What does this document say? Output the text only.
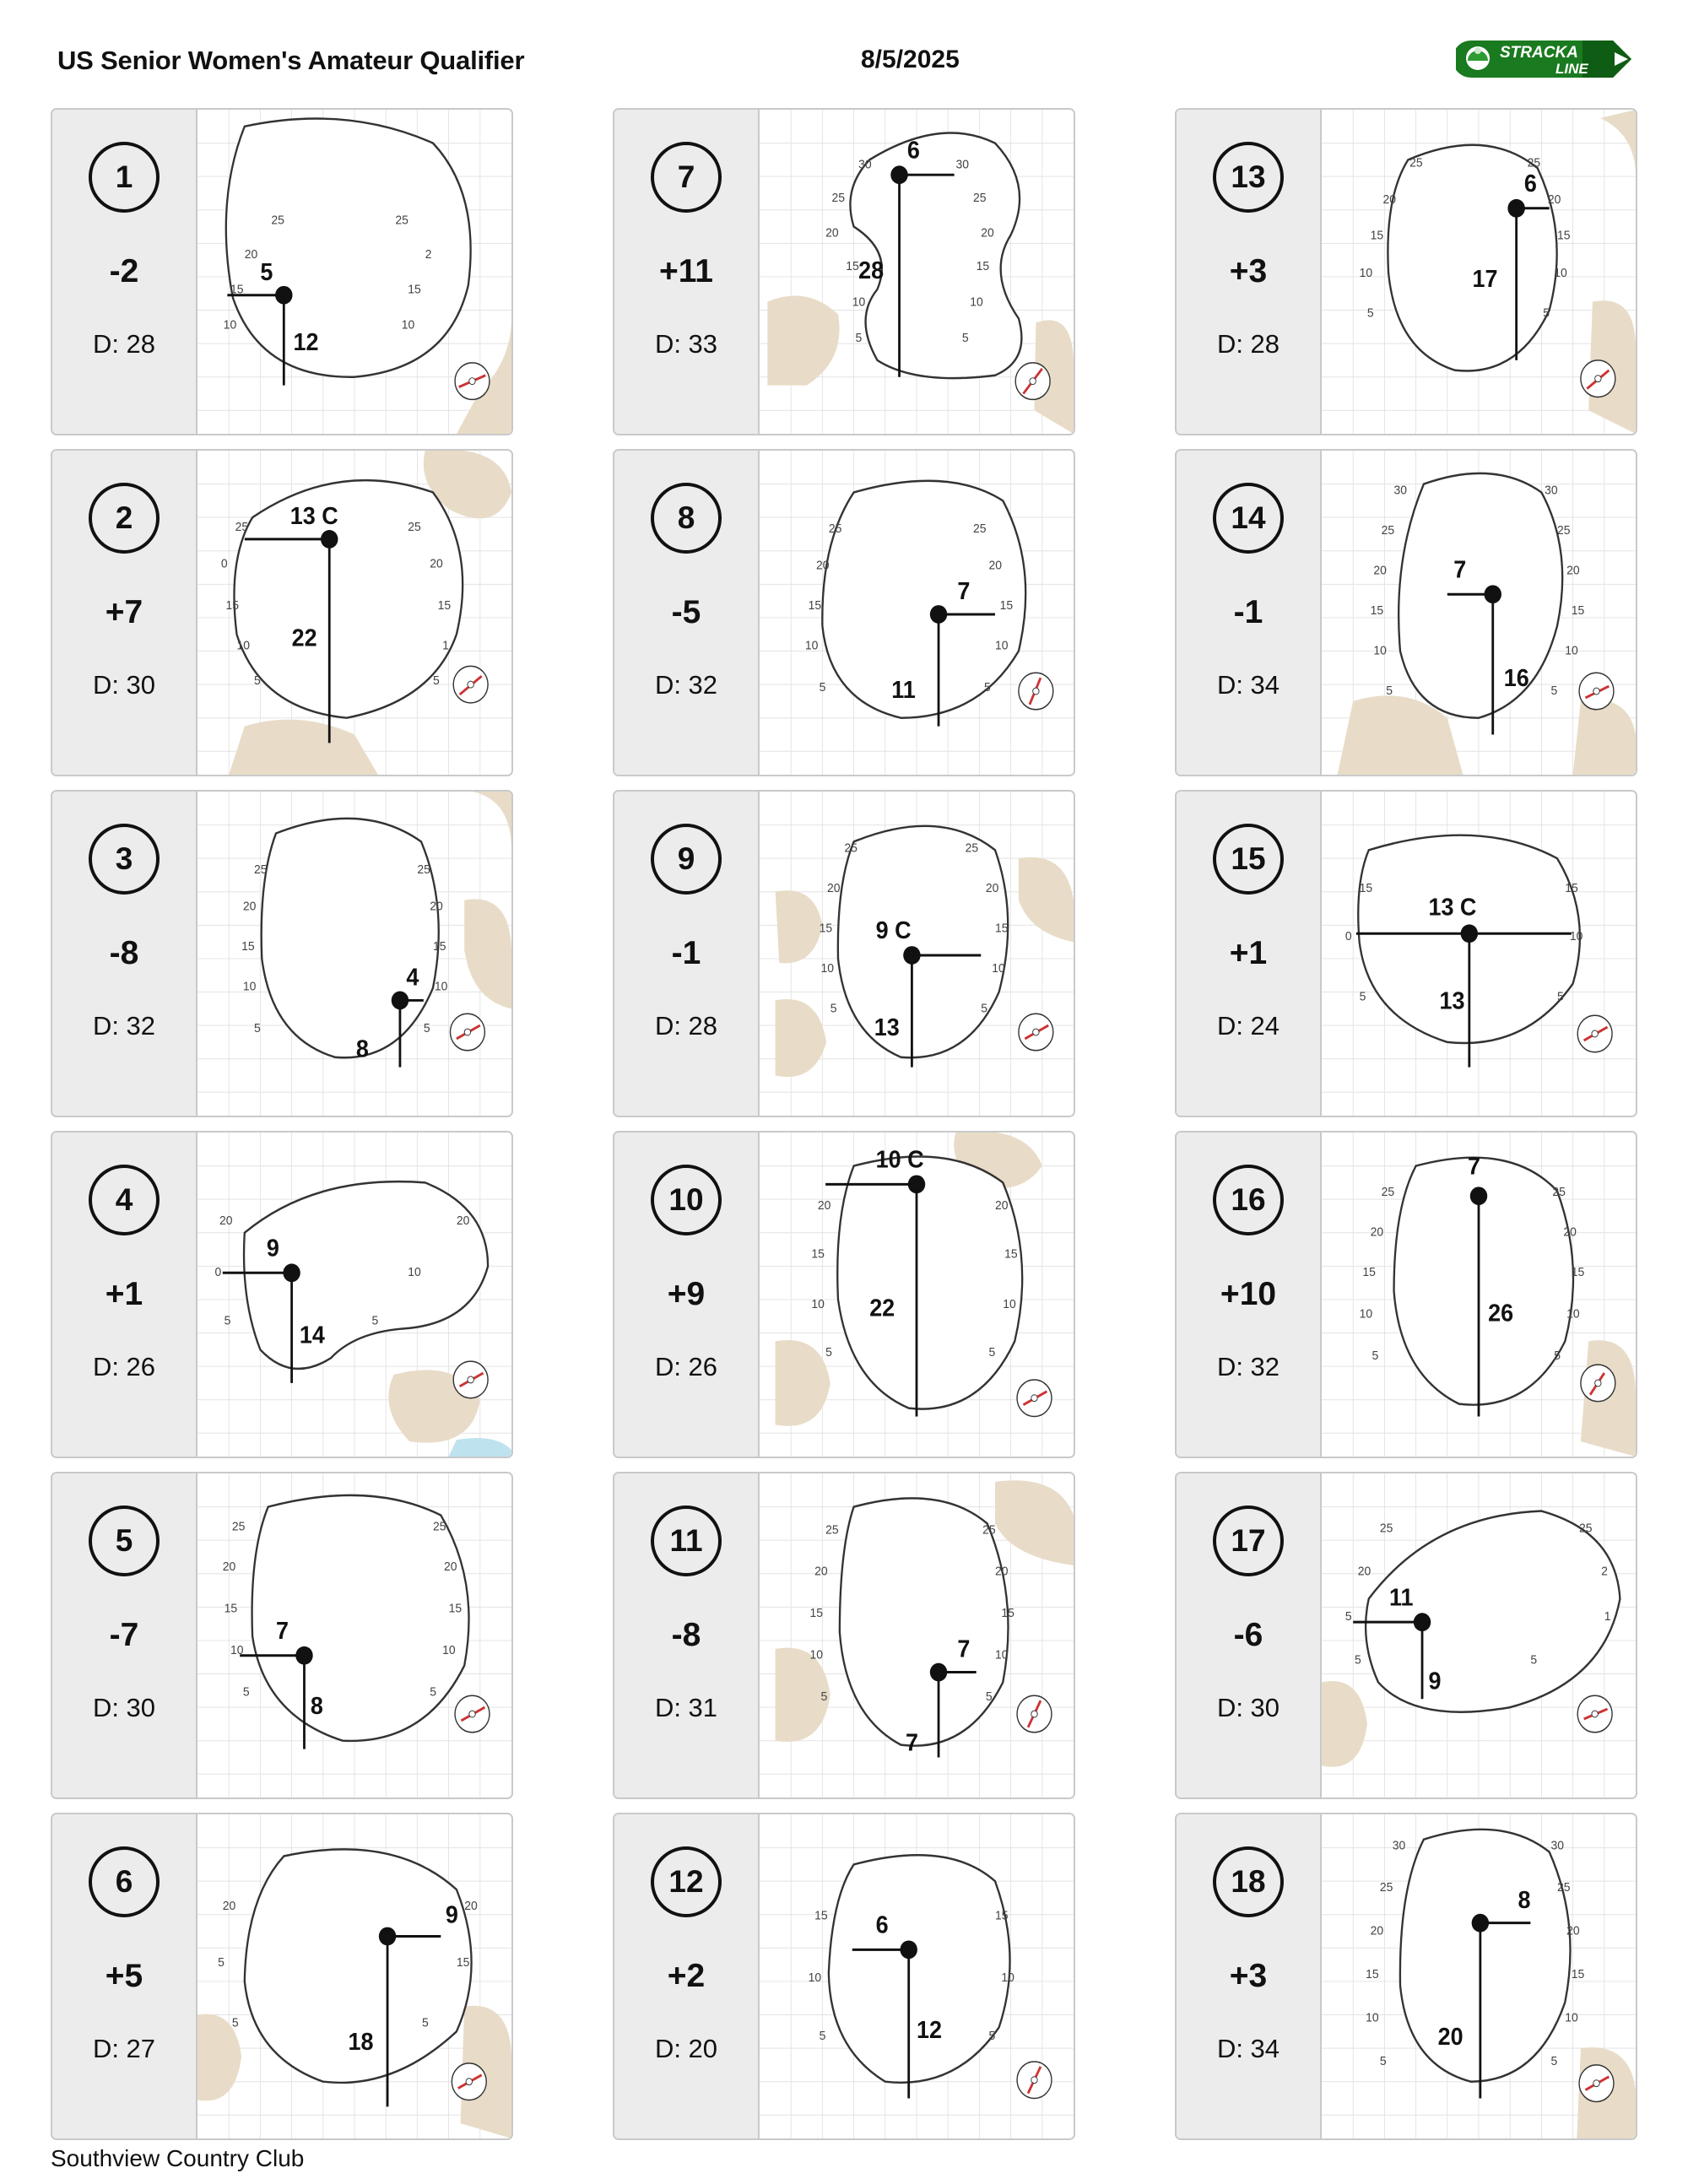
US Senior Women's Amateur Qualifier	8/5/2025	STRACKA
LINE
1
-2
D: 28
25
20
15
10
25
2
15
10
5
12
7
+11
D: 33
30
25
20
15
10
5
30
25
20
15
10
5
6
28
13
+3
D: 28
25
20
15
10
5
25
20
15
10
5
6
17
2
+7
D: 30
25
0
15
10
5
25
20
15
1
5
13 C
22
8
-5
D: 32
25
20
15
10
5
25
20
15
10
5
7
11
14
-1
D: 34
30
25
20
15
10
5
30
25
20
15
10
5
7
16
3
-8
D: 32
25
20
15
10
5
25
20
15
10
5
4
8
9
-1
D: 28
25
20
15
10
5
25
20
15
10
5
9 C
13
15
+1
D: 24
15
0
5
15
10
5
13 C
13
4
+1
D: 26
20
0
5
20
10
5
9
14
10
+9
D: 26
20
15
10
5
20
15
10
5
10 C
22
16
+10
D: 32
25
20
15
10
5
25
20
15
10
5
7
26
5
-7
D: 30
25
20
15
10
5
25
20
15
10
5
7
8
11
-8
D: 31
25
20
15
10
5
25
20
15
10
5
7
7
17
-6
D: 30
25
20
5
5
25
2
1
5
11
9
6
+5
D: 27
20
5
5
20
15
5
9
18
12
+2
D: 20
15
10
5
15
10
5
6
12
18
+3
D: 34
30
25
20
15
10
5
30
25
20
15
10
5
8
20
Southview Country Club
